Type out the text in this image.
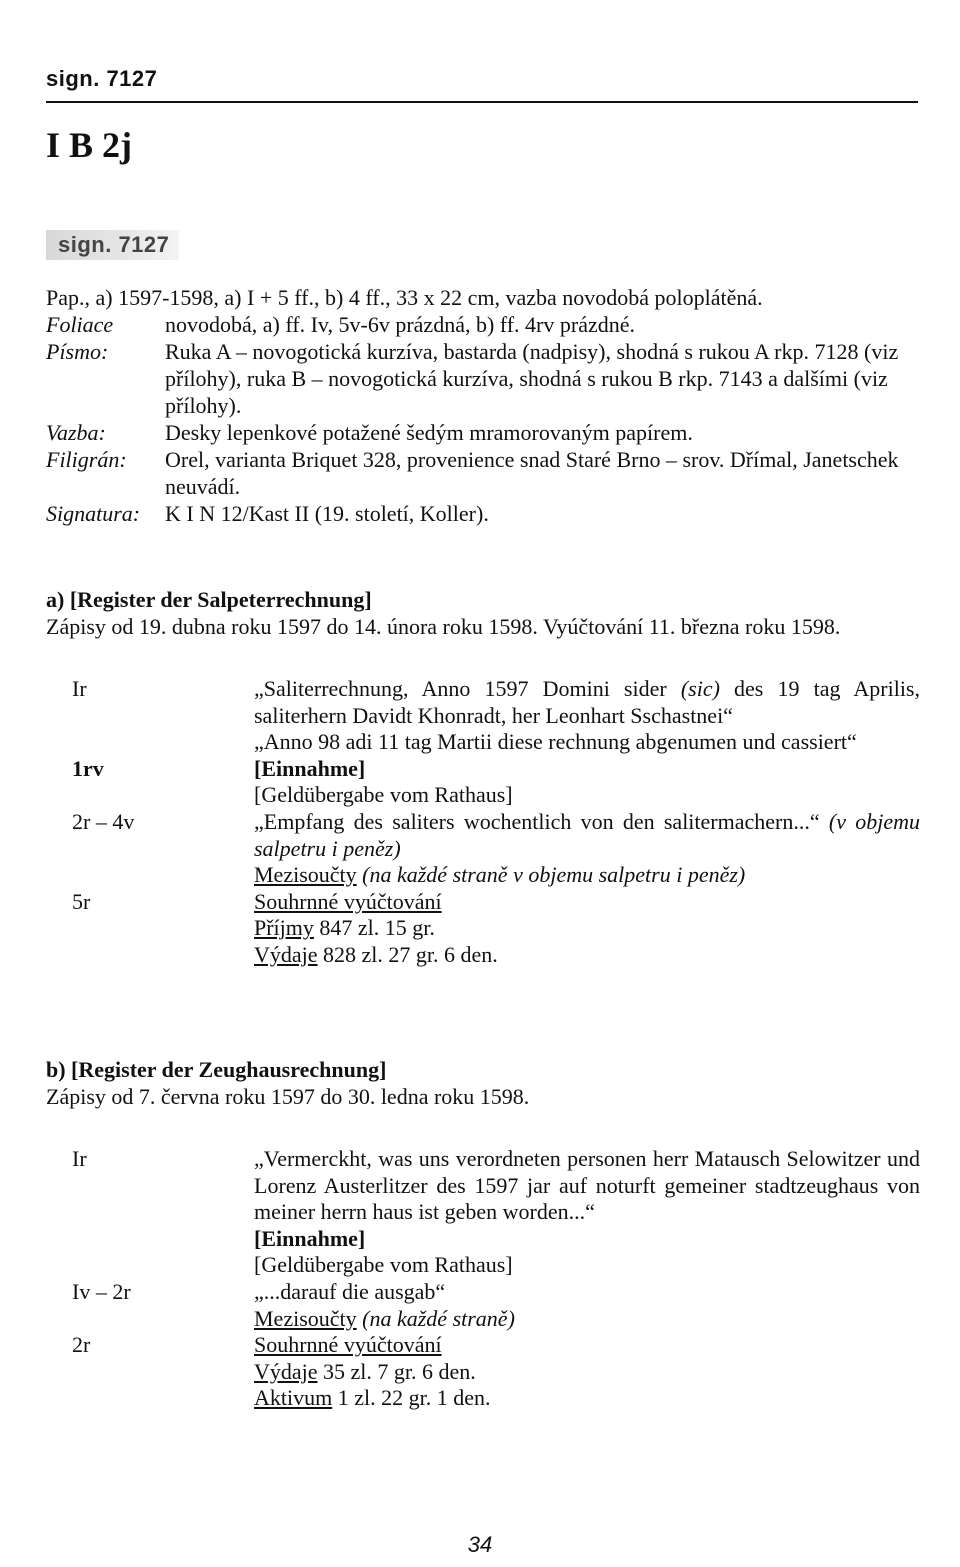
sign. 7127
I B 2j
sign. 7127
Pap., a) 1597-1598, a) I + 5 ff., b) 4 ff., 33 x 22 cm, vazba novodobá poloplátěná.
Foliace	novodobá, a) ff. Iv, 5v-6v prázdná, b) ff. 4rv prázdné.
Písmo:	Ruka A – novogotická kurzíva, bastarda (nadpisy), shodná s rukou A rkp. 7128 (viz přílohy), ruka B – novogotická kurzíva, shodná s rukou B rkp. 7143 a dalšími (viz přílohy).
Vazba:	Desky lepenkové potažené šedým mramorovaným papírem.
Filigrán:	Orel, varianta Briquet 328, provenience snad Staré Brno – srov. Dřímal, Janetschek neuvádí.
Signatura:	K I N 12/Kast II (19. století, Koller).
a) [Register der Salpeterrechnung]
Zápisy od 19. dubna roku 1597 do 14. února roku 1598. Vyúčtování 11. března roku 1598.
Ir	„Saliterrechnung, Anno 1597 Domini sider (sic) des 19 tag Aprilis, saliterhern Davidt Khonradt, her Leonhart Sschastnei“
„Anno 98 adi 11 tag Martii diese rechnung abgenumen und cassiert“
1rv	[Einnahme]
[Geldübergabe vom Rathaus]
2r – 4v	„Empfang des saliters wochentlich von den salitermachern...“ (v objemu salpetru i peněz)
Mezisoučty (na každé straně v objemu salpetru i peněz)
5r	Souhrnné vyúčtování
Příjmy 847 zl. 15 gr.
Výdaje 828 zl. 27 gr. 6 den.
b) [Register der Zeughausrechnung]
Zápisy od 7. června roku 1597 do 30. ledna roku 1598.
Ir	„Vermerckht, was uns verordneten personen herr Matausch Selowitzer und Lorenz Austerlitzer des 1597 jar auf noturft gemeiner stadtzeughaus von meiner herrn haus ist geben worden...“
[Einnahme]
[Geldübergabe vom Rathaus]
Iv – 2r	„...darauf die ausgab“
Mezisoučty (na každé straně)
2r	Souhrnné vyúčtování
Výdaje 35 zl. 7 gr. 6 den.
Aktivum 1 zl. 22 gr. 1 den.
34
